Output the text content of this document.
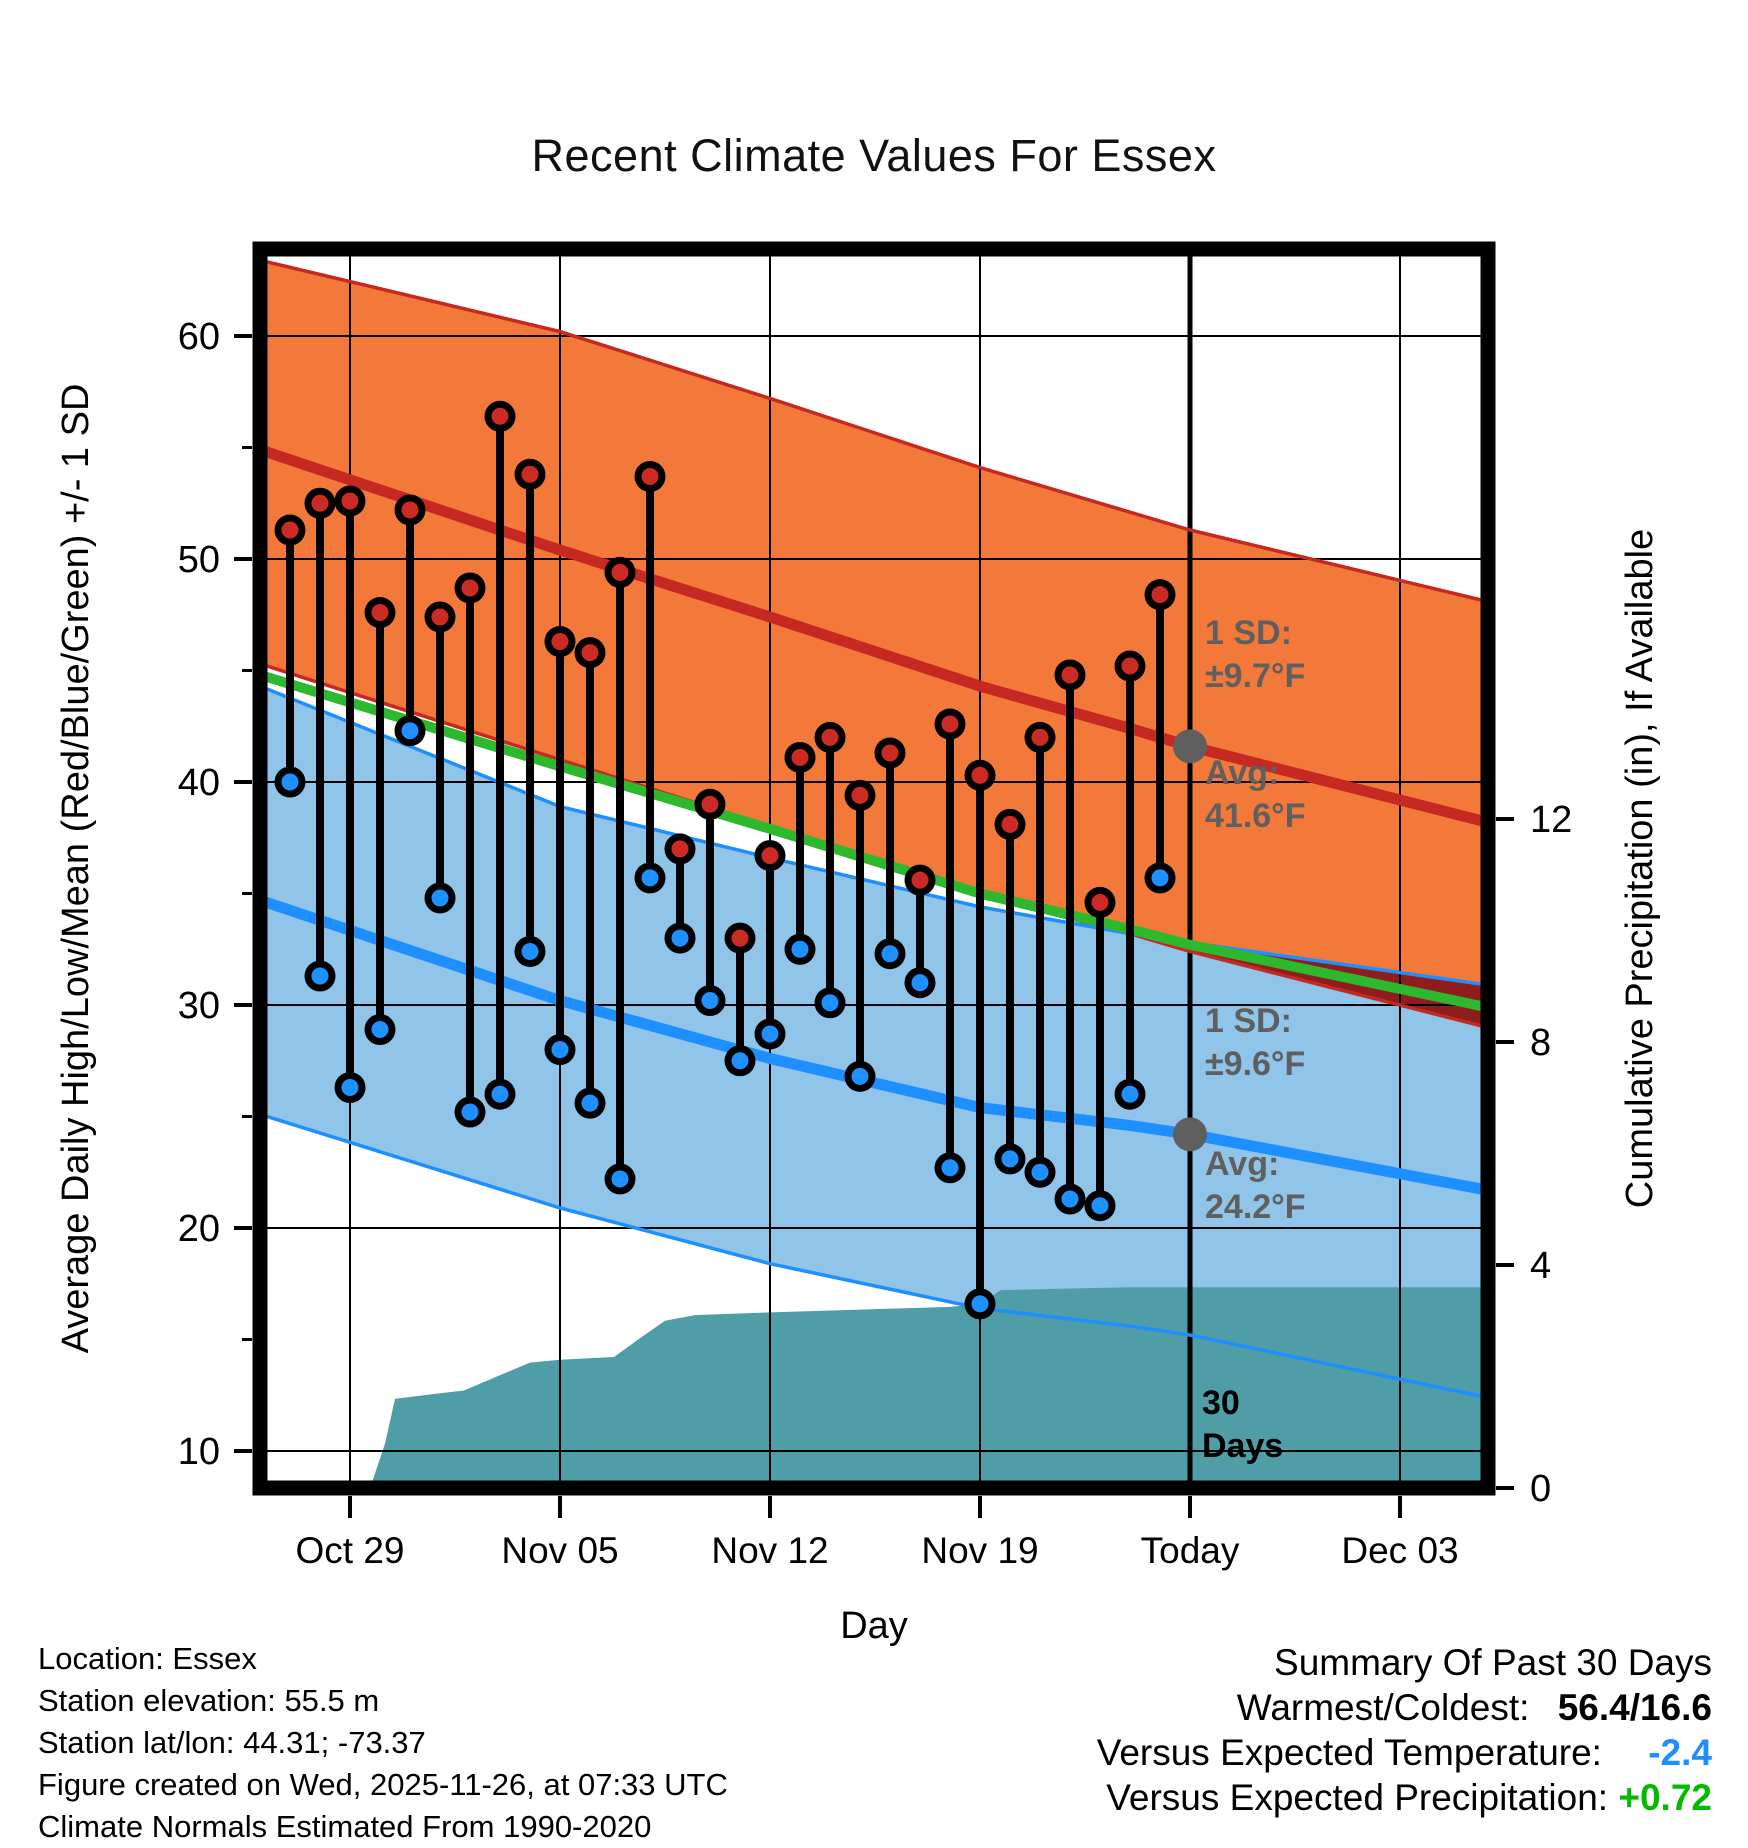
Recent Climate Values For Essex
10
20
30
40
50
60
0
4
8
12
Oct 29	Nov 05	Nov 12	Nov 19	Today	Dec 03
Day
Average Daily High/Low/Mean (Red/Blue/Green) +/- 1 SD	Cumulative Precipitation (in), If Available
1 SD:
±9.7°F
Avg:
41.6°F
1 SD:
±9.6°F
Avg:
24.2°F
30
Days
Location: Essex
Station elevation: 55.5 m
Station lat/lon: 44.31; -73.37
Figure created on Wed, 2025-11-26, at 07:33 UTC
Climate Normals Estimated From 1990-2020
Summary Of Past 30 Days
Warmest/Coldest: 56.4/16.6
Versus Expected Temperature: -2.4
Versus Expected Precipitation: +0.72
